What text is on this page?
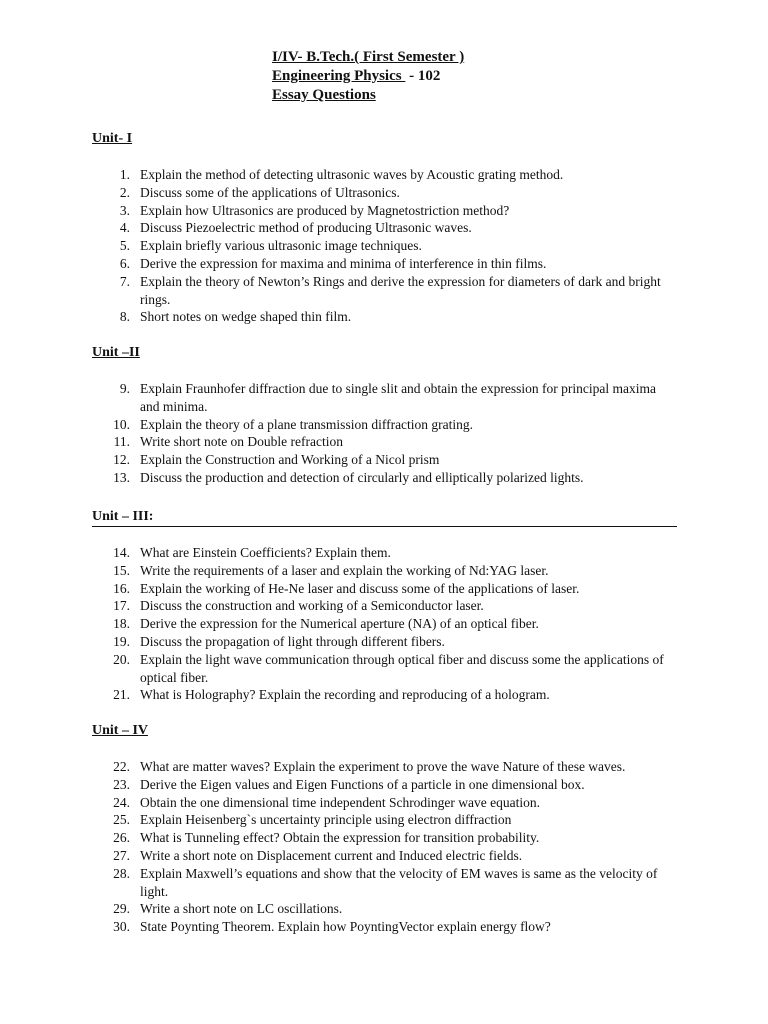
I/IV- B.Tech.( First Semester )
Engineering Physics  - 102
Essay Questions
Unit- I
1. Explain the method of detecting ultrasonic waves by Acoustic grating method.
2. Discuss some of the applications of Ultrasonics.
3. Explain how Ultrasonics are produced by Magnetostriction method?
4. Discuss Piezoelectric method of producing Ultrasonic waves.
5. Explain briefly various ultrasonic image techniques.
6. Derive the expression for maxima and minima of interference in thin films.
7. Explain the theory of Newton’s Rings and derive the expression for diameters of dark and bright rings.
8. Short notes on wedge shaped thin film.
Unit –II
9. Explain Fraunhofer diffraction due to single slit and obtain the expression for principal maxima and minima.
10. Explain the theory of a plane transmission diffraction grating.
11. Write short note on Double refraction
12. Explain the Construction and Working of a Nicol prism
13. Discuss the production and detection of circularly and elliptically polarized lights.
Unit – III:
14. What are Einstein Coefficients? Explain them.
15. Write the requirements of a laser and explain the working of Nd:YAG laser.
16. Explain the working of He-Ne laser and discuss some of the applications of laser.
17. Discuss the construction and working of a Semiconductor laser.
18. Derive the expression for the Numerical aperture (NA) of an optical fiber.
19. Discuss the propagation of light through different fibers.
20. Explain the light wave communication through optical fiber and discuss some the applications of optical fiber.
21. What is Holography? Explain the recording and reproducing of a hologram.
Unit – IV
22. What are matter waves? Explain the experiment to prove the wave Nature of these waves.
23. Derive the Eigen values and Eigen Functions of a particle in one dimensional box.
24. Obtain the one dimensional time independent Schrodinger wave equation.
25. Explain Heisenberg`s uncertainty principle using electron diffraction
26. What is Tunneling effect? Obtain the expression for transition probability.
27. Write a short note on Displacement current and Induced electric fields.
28. Explain Maxwell’s equations and show that the velocity of EM waves is same as the velocity of light.
29. Write a short note on LC oscillations.
30. State Poynting Theorem. Explain how PoyntingVector explain energy flow?
